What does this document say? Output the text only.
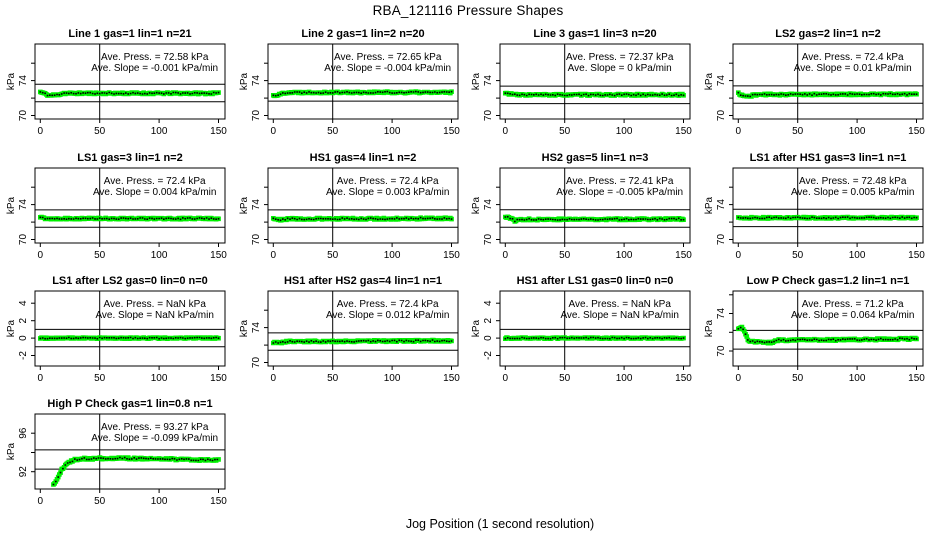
RBA_121116 Pressure Shapes
Line 1 gas=1 lin=1 n=21
70
74
kPa
0	50	100	150
Ave. Press. = 72.58 kPa
Ave. Slope = -0.001 kPa/min
Line 2 gas=1 lin=2 n=20
70
74
kPa
0	50	100	150
Ave. Press. = 72.65 kPa
Ave. Slope = -0.004 kPa/min
Line 3 gas=1 lin=3 n=20
70
74
kPa
0	50	100	150
Ave. Press. = 72.37 kPa
Ave. Slope = 0 kPa/min
LS2 gas=2 lin=1 n=2
70
74
kPa
0	50	100	150
Ave. Press. = 72.4 kPa
Ave. Slope = 0.01 kPa/min
LS1 gas=3 lin=1 n=2
70
74
kPa
0	50	100	150
Ave. Press. = 72.4 kPa
Ave. Slope = 0.004 kPa/min
HS1 gas=4 lin=1 n=2
70
74
kPa
0	50	100	150
Ave. Press. = 72.4 kPa
Ave. Slope = 0.003 kPa/min
HS2 gas=5 lin=1 n=3
70
74
kPa
0	50	100	150
Ave. Press. = 72.41 kPa
Ave. Slope = -0.005 kPa/min
LS1 after HS1 gas=3 lin=1 n=1
70
74
kPa
0	50	100	150
Ave. Press. = 72.48 kPa
Ave. Slope = 0.005 kPa/min
LS1 after LS2 gas=0 lin=0 n=0
-2
0
2
4
kPa
0	50	100	150
Ave. Press. = NaN kPa
Ave. Slope = NaN kPa/min
HS1 after HS2 gas=4 lin=1 n=1
70
74
kPa
0	50	100	150
Ave. Press. = 72.4 kPa
Ave. Slope = 0.012 kPa/min
HS1 after LS1 gas=0 lin=0 n=0
-2
0
2
4
kPa
0	50	100	150
Ave. Press. = NaN kPa
Ave. Slope = NaN kPa/min
Low P Check gas=1.2 lin=1 n=1
70
74
kPa
0	50	100	150
Ave. Press. = 71.2 kPa
Ave. Slope = 0.064 kPa/min
High P Check gas=1 lin=0.8 n=1
92
96
kPa
0	50	100	150
Ave. Press. = 93.27 kPa
Ave. Slope = -0.099 kPa/min
Jog Position (1 second resolution)
